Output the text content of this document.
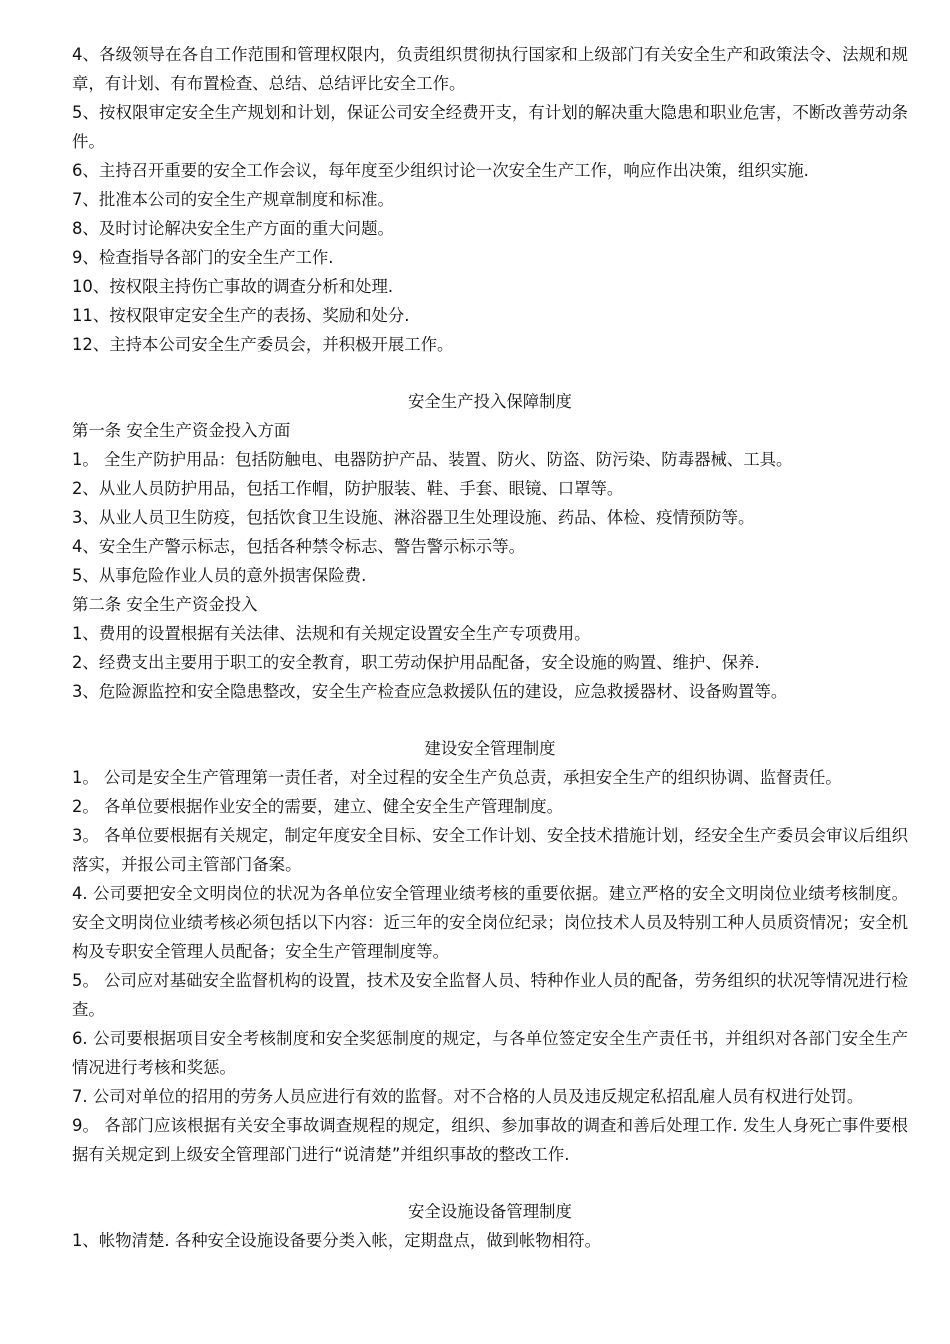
4、各级领导在各自工作范围和管理权限内，负责组织贯彻执行国家和上级部门有关安全生产和政策法令、法规和规章，有计划、有布置检查、总结、总结评比安全工作。
5、按权限审定安全生产规划和计划，保证公司安全经费开支，有计划的解决重大隐患和职业危害，不断改善劳动条件。
6、主持召开重要的安全工作会议，每年度至少组织讨论一次安全生产工作，响应作出决策，组织实施.
7、批准本公司的安全生产规章制度和标准。
8、及时讨论解决安全生产方面的重大问题。
9、检查指导各部门的安全生产工作.
10、按权限主持伤亡事故的调查分析和处理.
11、按权限审定安全生产的表扬、奖励和处分.
12、主持本公司安全生产委员会，并积极开展工作。
安全生产投入保障制度
第一条 安全生产资金投入方面
1。 全生产防护用品：包括防触电、电器防护产品、装置、防火、防盗、防污染、防毒器械、工具。
2、从业人员防护用品，包括工作帽，防护服装、鞋、手套、眼镜、口罩等。
3、从业人员卫生防疫，包括饮食卫生设施、淋浴器卫生处理设施、药品、体检、疫情预防等。
4、安全生产警示标志，包括各种禁令标志、警告警示标示等。
5、从事危险作业人员的意外损害保险费.
第二条 安全生产资金投入
1、费用的设置根据有关法律、法规和有关规定设置安全生产专项费用。
2、经费支出主要用于职工的安全教育，职工劳动保护用品配备，安全设施的购置、维护、保养.
3、危险源监控和安全隐患整改，安全生产检查应急救援队伍的建设，应急救援器材、设备购置等。
建设安全管理制度
1。 公司是安全生产管理第一责任者，对全过程的安全生产负总责，承担安全生产的组织协调、监督责任。
2。 各单位要根据作业安全的需要，建立、健全安全生产管理制度。
3。 各单位要根据有关规定，制定年度安全目标、安全工作计划、安全技术措施计划，经安全生产委员会审议后组织落实，并报公司主管部门备案。
4. 公司要把安全文明岗位的状况为各单位安全管理业绩考核的重要依据。建立严格的安全文明岗位业绩考核制度。安全文明岗位业绩考核必须包括以下内容：近三年的安全岗位纪录；岗位技术人员及特别工种人员质资情况；安全机构及专职安全管理人员配备；安全生产管理制度等。
5。 公司应对基础安全监督机构的设置，技术及安全监督人员、特种作业人员的配备，劳务组织的状况等情况进行检查。
6. 公司要根据项目安全考核制度和安全奖惩制度的规定，与各单位签定安全生产责任书，并组织对各部门安全生产情况进行考核和奖惩。
7. 公司对单位的招用的劳务人员应进行有效的监督。对不合格的人员及违反规定私招乱雇人员有权进行处罚。
9。 各部门应该根据有关安全事故调查规程的规定，组织、参加事故的调查和善后处理工作. 发生人身死亡事件要根据有关规定到上级安全管理部门进行“说清楚”并组织事故的整改工作.
安全设施设备管理制度
1、帐物清楚. 各种安全设施设备要分类入帐，定期盘点，做到帐物相符。
